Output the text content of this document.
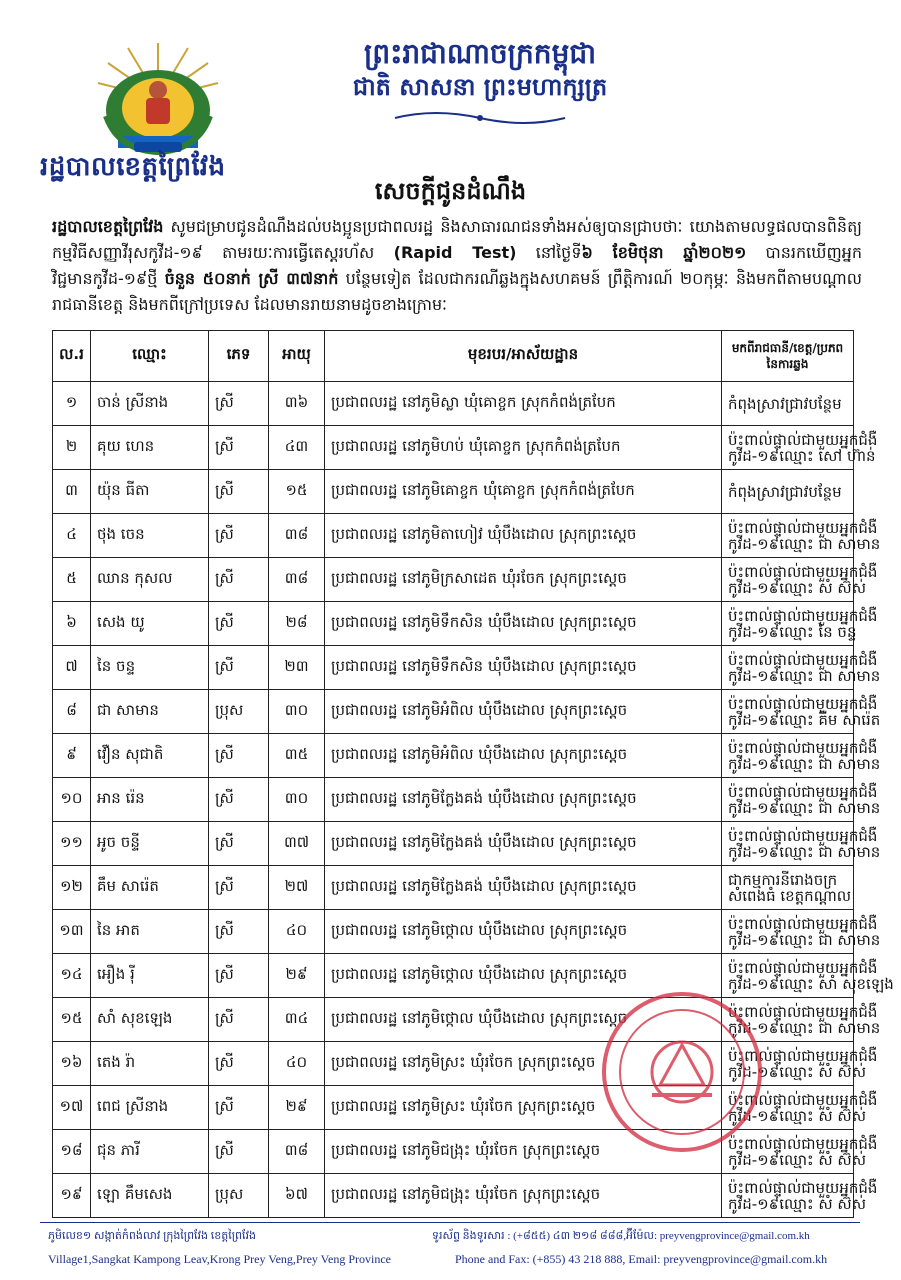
រដ្ឋបាលខេត្តព្រៃវែង
ព្រះរាជាណាចក្រកម្ពុជា
ជាតិ សាសនា ព្រះមហាក្សត្រ
សេចក្តីជូនដំណឹង
រដ្ឋបាលខេត្តព្រៃវែង សូមជម្រាបជូនដំណឹងដល់បងប្អូនប្រជាពលរដ្ឋ និងសាធារណជនទាំងអស់ឲ្យបានជ្រាបថាៈ យោងតាមលទ្ធផលបានពិនិត្យកម្មវិធីសញ្ញាវីរុសកូវីដ-១៩ តាមរយៈការធ្វើតេស្តរហ័ស (Rapid Test) នៅថ្ងៃទី៦ ខែមិថុនា ឆ្នាំ២០២១ បានរកឃើញអ្នកវិជ្ជមានកូវីដ-១៩ថ្មី ចំនួន ៥០នាក់ ស្រី ៣៧នាក់ បន្ថែមទៀត ដែលជាករណីឆ្លងក្នុងសហគមន៍ ព្រឹត្តិការណ៍ ២០កុម្ភៈ និងមកពីតាមបណ្តាលរាជធានីខេត្ត និងមកពីក្រៅប្រទេស ដែលមានរាយនាមដូចខាងក្រោមៈ
ល.រ	ឈ្មោះ	ភេទ	អាយុ	មុខរបរ/អាស័យដ្ឋាន	មកពីរាជធានី/ខេត្ត/ប្រភពនៃការឆ្លង
១	ចាន់ ស្រីនាង	ស្រី	៣៦	ប្រជាពលរដ្ឋ នៅភូមិស្លា ឃុំគោខ្ចក ស្រុកកំពង់ត្របែក	កំពុងស្រាវជ្រាវបន្ថែម

២	គុយ ហេន	ស្រី	៤៣	ប្រជាពលរដ្ឋ នៅភូមិហប់ ឃុំគោខ្ចក ស្រុកកំពង់ត្របែក	ប៉ះពាល់ផ្ទាល់ជាមួយអ្នកជំងឺ
កូវីដ-១៩ឈ្មោះ សៅ ហ៊ាន់

៣	យ៉ុន ធីតា	ស្រី	១៥	ប្រជាពលរដ្ឋ នៅភូមិគោខ្ចក ឃុំគោខ្ចក ស្រុកកំពង់ត្របែក	កំពុងស្រាវជ្រាវបន្ថែម

៤	ថុង ចេន	ស្រី	៣៨	ប្រជាពលរដ្ឋ នៅភូមិតាហៀវ ឃុំបឹងដោល ស្រុកព្រះស្តេច	ប៉ះពាល់ផ្ទាល់ជាមួយអ្នកជំងឺ
កូវីដ-១៩ឈ្មោះ ជា សាមាន

៥	ឈាន កុសល	ស្រី	៣៨	ប្រជាពលរដ្ឋ នៅភូមិក្រសាដេត ឃុំរចែក ស្រុកព្រះស្តេច	ប៉ះពាល់ផ្ទាល់ជាមួយអ្នកជំងឺ
កូវីដ-១៩ឈ្មោះ សំ ស៊ស់

៦	សេង យូ	ស្រី	២៨	ប្រជាពលរដ្ឋ នៅភូមិទឹកសិន ឃុំបឹងដោល ស្រុកព្រះស្តេច	ប៉ះពាល់ផ្ទាល់ជាមួយអ្នកជំងឺ
កូវីដ-១៩ឈ្មោះ នៃ ចន្ទ

៧	នៃ ចន្ទ	ស្រី	២៣	ប្រជាពលរដ្ឋ នៅភូមិទឹកសិន ឃុំបឹងដោល ស្រុកព្រះស្តេច	ប៉ះពាល់ផ្ទាល់ជាមួយអ្នកជំងឺ
កូវីដ-១៩ឈ្មោះ ជា សាមាន

៨	ជា សាមាន	ប្រុស	៣០	ប្រជាពលរដ្ឋ នៅភូមិអំពិល ឃុំបឹងដោល ស្រុកព្រះស្តេច	ប៉ះពាល់ផ្ទាល់ជាមួយអ្នកជំងឺ
កូវីដ-១៩ឈ្មោះ គីម សារ៉េត

៩	វឿន សុជាតិ	ស្រី	៣៥	ប្រជាពលរដ្ឋ នៅភូមិអំពិល ឃុំបឹងដោល ស្រុកព្រះស្តេច	ប៉ះពាល់ផ្ទាល់ជាមួយអ្នកជំងឺ
កូវីដ-១៩ឈ្មោះ ជា សាមាន

១០	អាន រ៉េន	ស្រី	៣០	ប្រជាពលរដ្ឋ នៅភូមិក្លែងគង់ ឃុំបឹងដោល ស្រុកព្រះស្តេច	ប៉ះពាល់ផ្ទាល់ជាមួយអ្នកជំងឺ
កូវីដ-១៩ឈ្មោះ ជា សាមាន

១១	អូច ចន្ទី	ស្រី	៣៧	ប្រជាពលរដ្ឋ នៅភូមិក្លែងគង់ ឃុំបឹងដោល ស្រុកព្រះស្តេច	ប៉ះពាល់ផ្ទាល់ជាមួយអ្នកជំងឺ
កូវីដ-១៩ឈ្មោះ ជា សាមាន

១២	គឹម សារ៉េត	ស្រី	២៧	ប្រជាពលរដ្ឋ នៅភូមិក្លែងគង់ ឃុំបឹងដោល ស្រុកព្រះស្តេច	ជាកម្មការនីរោងចក្រ
សំពេងធំ ខេត្តកណ្តាល

១៣	នៃ អាត	ស្រី	៤០	ប្រជាពលរដ្ឋ នៅភូមិថ្កោល ឃុំបឹងដោល ស្រុកព្រះស្តេច	ប៉ះពាល់ផ្ទាល់ជាមួយអ្នកជំងឺ
កូវីដ-១៩ឈ្មោះ ជា សាមាន

១៤	អឿង រ៉ី	ស្រី	២៩	ប្រជាពលរដ្ឋ នៅភូមិថ្កោល ឃុំបឹងដោល ស្រុកព្រះស្តេច	ប៉ះពាល់ផ្ទាល់ជាមួយអ្នកជំងឺ
កូវីដ-១៩ឈ្មោះ សាំ សុខឡេង

១៥	សាំ សុខឡេង	ស្រី	៣៤	ប្រជាពលរដ្ឋ នៅភូមិថ្កោល ឃុំបឹងដោល ស្រុកព្រះស្តេច	ប៉ះពាល់ផ្ទាល់ជាមួយអ្នកជំងឺ
កូវីដ-១៩ឈ្មោះ ជា សាមាន

១៦	តេង រ៉ា	ស្រី	៤០	ប្រជាពលរដ្ឋ នៅភូមិស្រះ ឃុំរចែក ស្រុកព្រះស្តេច	ប៉ះពាល់ផ្ទាល់ជាមួយអ្នកជំងឺ
កូវីដ-១៩ឈ្មោះ សំ ស៊ស់

១៧	ពេជ ស្រីនាង	ស្រី	២៩	ប្រជាពលរដ្ឋ នៅភូមិស្រះ ឃុំរចែក ស្រុកព្រះស្តេច	ប៉ះពាល់ផ្ទាល់ជាមួយអ្នកជំងឺ
កូវីដ-១៩ឈ្មោះ សំ ស៊ស់

១៨	ជុន ភារី	ស្រី	៣៨	ប្រជាពលរដ្ឋ នៅភូមិជង្រុះ ឃុំរចែក ស្រុកព្រះស្តេច	ប៉ះពាល់ផ្ទាល់ជាមួយអ្នកជំងឺ
កូវីដ-១៩ឈ្មោះ សំ ស៊ស់

១៩	ឡោ គឹមសេង	ប្រុស	៦៧	ប្រជាពលរដ្ឋ នៅភូមិជង្រុះ ឃុំរចែក ស្រុកព្រះស្តេច	ប៉ះពាល់ផ្ទាល់ជាមួយអ្នកជំងឺ
កូវីដ-១៩ឈ្មោះ សំ ស៊ស់
ភូមិលេខ១ សង្កាត់កំពង់លាវ ក្រុងព្រៃវែង ខេត្តព្រៃវែង
Village1,Sangkat Kampong Leav,Krong Prey Veng,Prey Veng Province
ទូរស័ព្ទ និងទូរសារ : (+៨៥៥) ៤៣ ២១៨ ៨៨៨,អ៊ីម៉ែល: preyvengprovince@gmail.com.kh
Phone and Fax: (+855) 43 218 888, Email: preyvengprovince@gmail.com.kh
